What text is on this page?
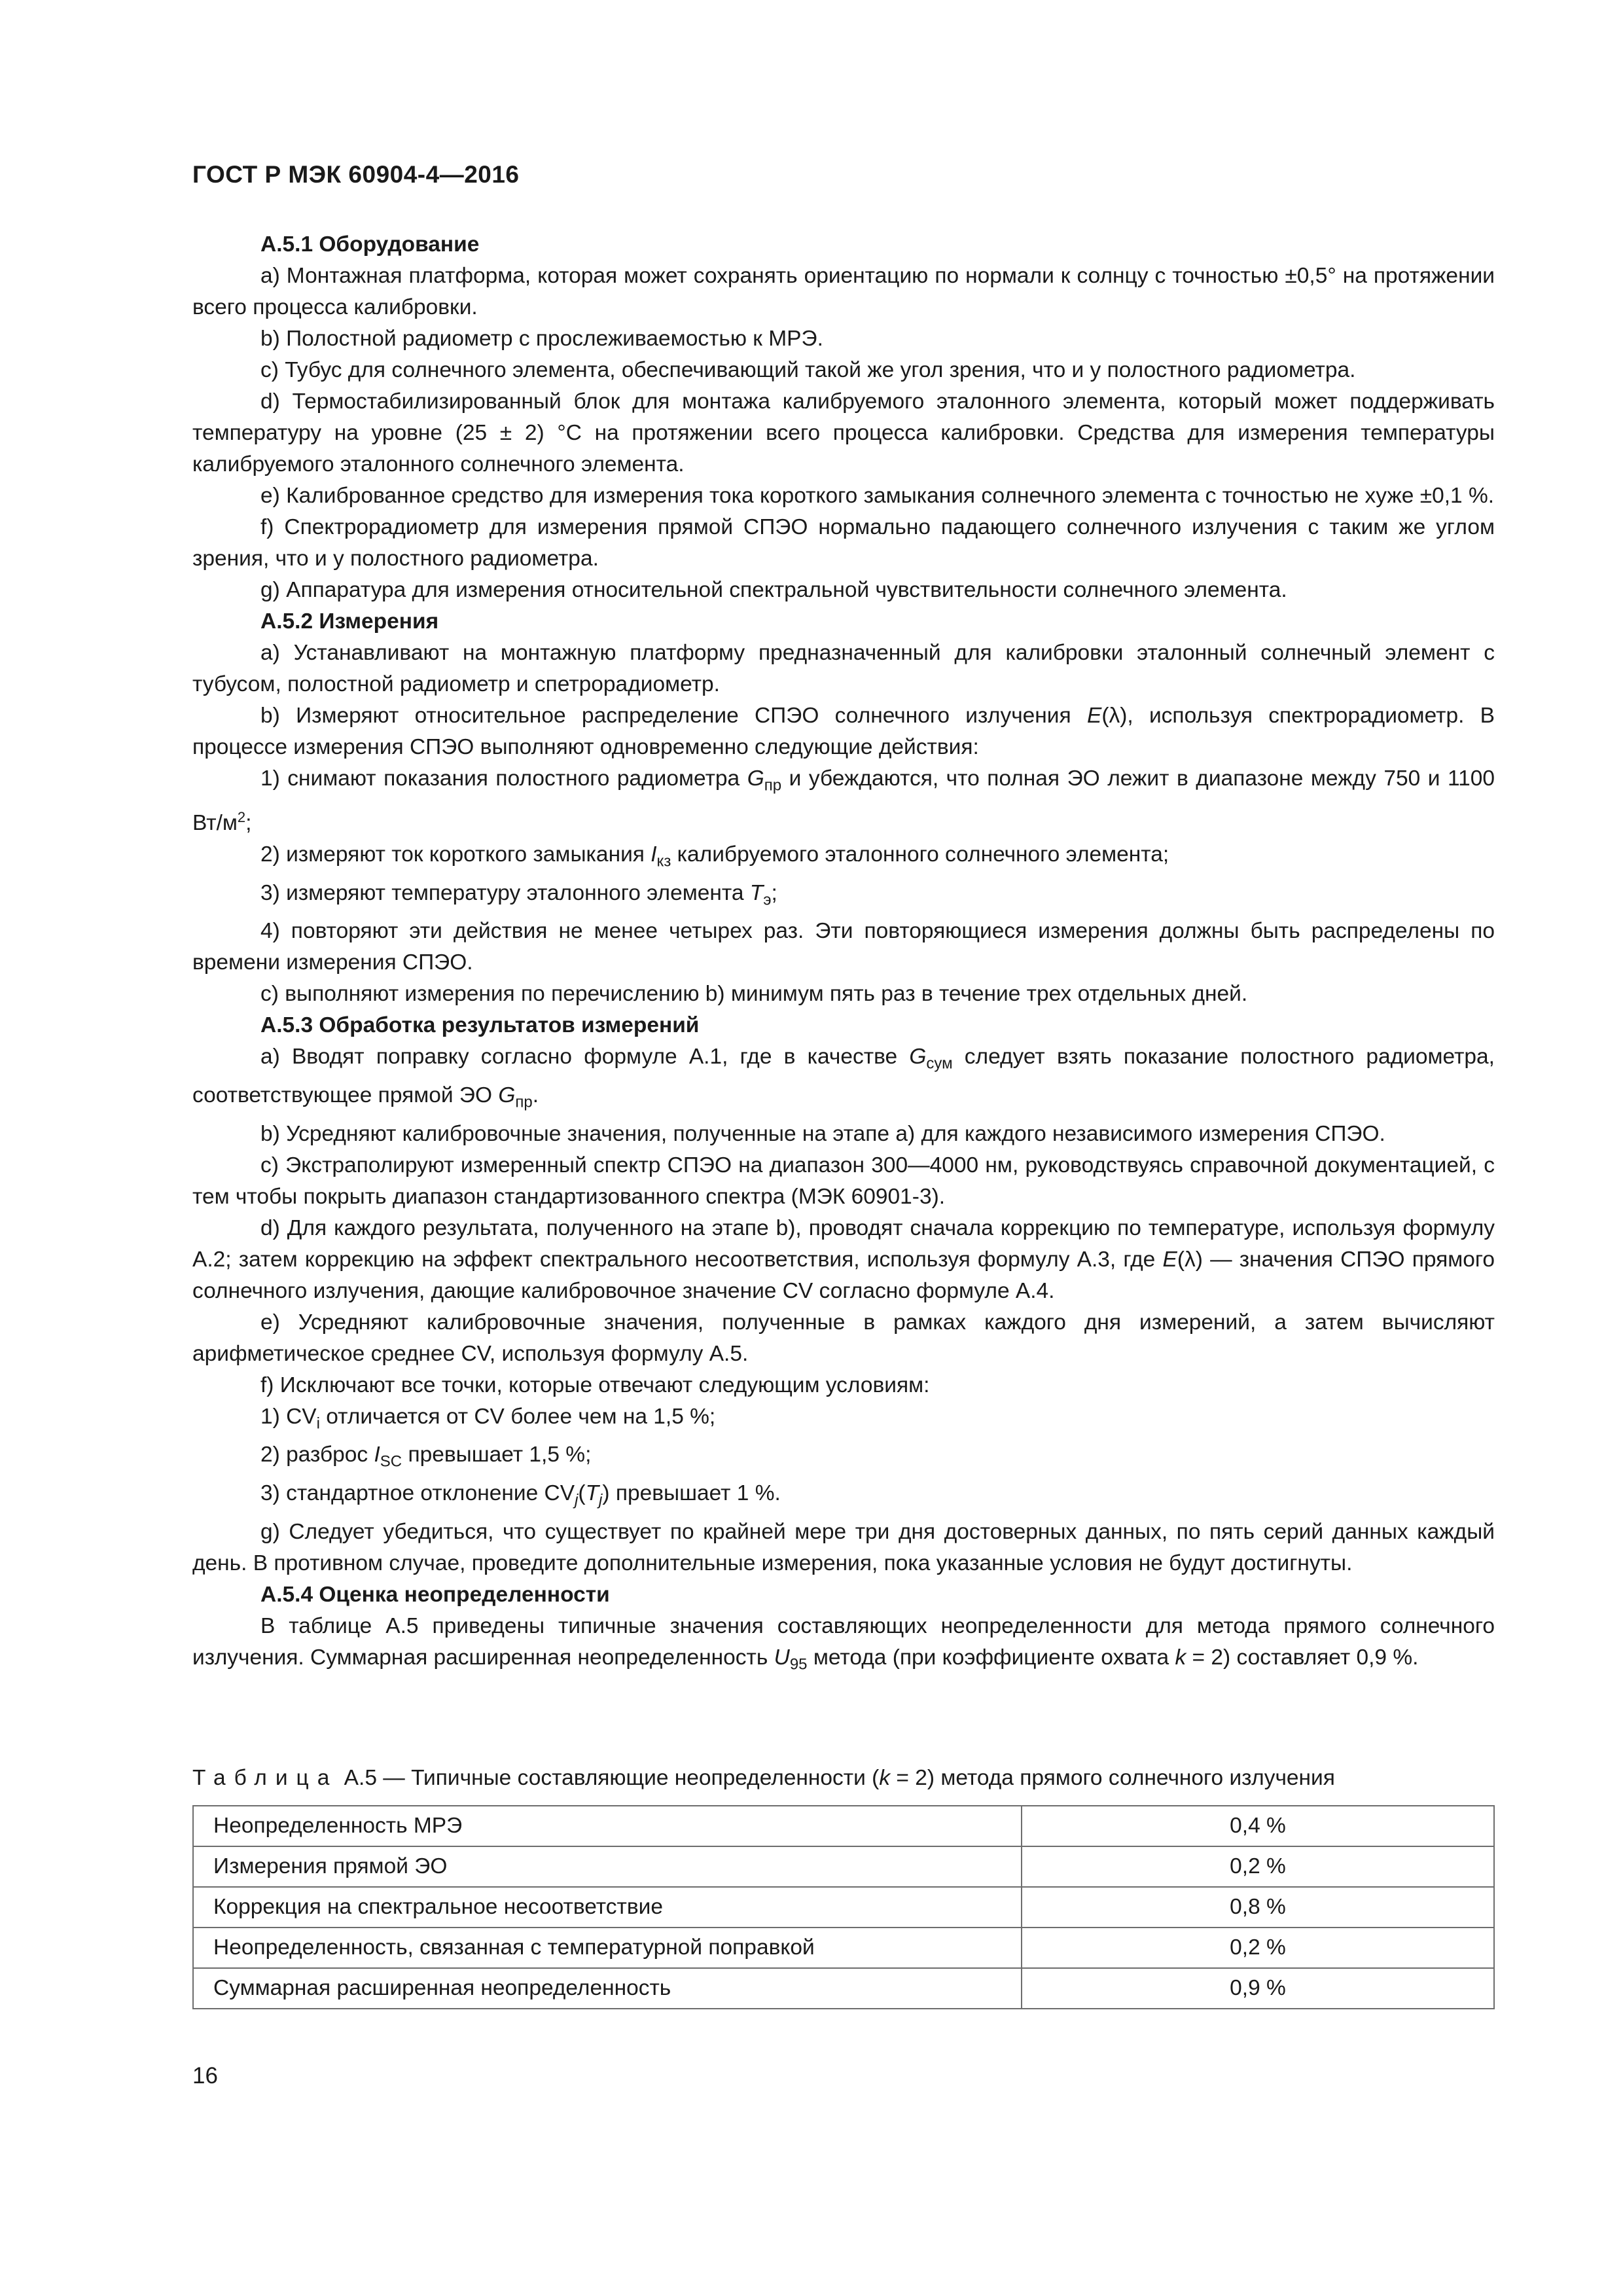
ГОСТ Р МЭК 60904-4—2016

А.5.1 Оборудование

a) Монтажная платформа, которая может сохранять ориентацию по нормали к солнцу с точностью ±0,5° на протяжении всего процесса калибровки.

b) Полостной радиометр с прослеживаемостью к МРЭ.

c) Тубус для солнечного элемента, обеспечивающий такой же угол зрения, что и у полостного радиометра.

d) Термостабилизированный блок для монтажа калибруемого эталонного элемента, который может поддерживать температуру на уровне (25 ± 2) °С на протяжении всего процесса калибровки. Средства для измерения температуры калибруемого эталонного солнечного элемента.

e) Калиброванное средство для измерения тока короткого замыкания солнечного элемента с точностью не хуже ±0,1 %.

f) Спектрорадиометр для измерения прямой СПЭО нормально падающего солнечного излучения с таким же углом зрения, что и у полостного радиометра.

g) Аппаратура для измерения относительной спектральной чувствительности солнечного элемента.

А.5.2 Измерения

a) Устанавливают на монтажную платформу предназначенный для калибровки эталонный солнечный элемент с тубусом, полостной радиометр и спетрорадиометр.

b) Измеряют относительное распределение СПЭО солнечного излучения E(λ), используя спектрорадиометр. В процессе измерения СПЭО выполняют одновременно следующие действия:

1) снимают показания полостного радиометра $G_{пр}$ и убеждаются, что полная ЭО лежит в диапазоне между 750 и 1100 $Вт/м^2$;

2) измеряют ток короткого замыкания $I_{кз}$ калибруемого эталонного солнечного элемента;

3) измеряют температуру эталонного элемента $T_э$;

4) повторяют эти действия не менее четырех раз. Эти повторяющиеся измерения должны быть распределены по времени измерения СПЭО.

c) выполняют измерения по перечислению b) минимум пять раз в течение трех отдельных дней.

А.5.3 Обработка результатов измерений

a) Вводят поправку согласно формуле А.1, где в качестве $G_{сум}$ следует взять показание полостного радиометра, соответствующее прямой ЭО $G_{пр}$.

b) Усредняют калибровочные значения, полученные на этапе a) для каждого независимого измерения СПЭО.

c) Экстраполируют измеренный спектр СПЭО на диапазон 300—4000 нм, руководствуясь справочной документацией, с тем чтобы покрыть диапазон стандартизованного спектра (МЭК 60901-3).

d) Для каждого результата, полученного на этапе b), проводят сначала коррекцию по температуре, используя формулу А.2; затем коррекцию на эффект спектрального несоответствия, используя формулу А.3, где E(λ) — значения СПЭО прямого солнечного излучения, дающие калибровочное значение CV согласно формуле А.4.

e) Усредняют калибровочные значения, полученные в рамках каждого дня измерений, а затем вычисляют арифметическое среднее CV, используя формулу А.5.

f) Исключают все точки, которые отвечают следующим условиям:

1) $CV_i$ отличается от CV более чем на 1,5 %;

2) разброс $I_{SC}$ превышает 1,5 %;

3) стандартное отклонение $CV_j(T_j)$ превышает 1 %.

g) Следует убедиться, что существует по крайней мере три дня достоверных данных, по пять серий данных каждый день. В противном случае, проведите дополнительные измерения, пока указанные условия не будут достигнуты.

А.5.4 Оценка неопределенности

В таблице А.5 приведены типичные значения составляющих неопределенности для метода прямого солнечного излучения. Суммарная расширенная неопределенность $U_{95}$ метода (при коэффициенте охвата k = 2) составляет 0,9 %.

Таблица А.5 — Типичные составляющие неопределенности (k = 2) метода прямого солнечного излучения
Неопределенность МРЭ	0,4 %
Измерения прямой ЭО	0,2 %
Коррекция на спектральное несоответствие	0,8 %
Неопределенность, связанная с температурной поправкой	0,2 %
Суммарная расширенная неопределенность	0,9 %
16
